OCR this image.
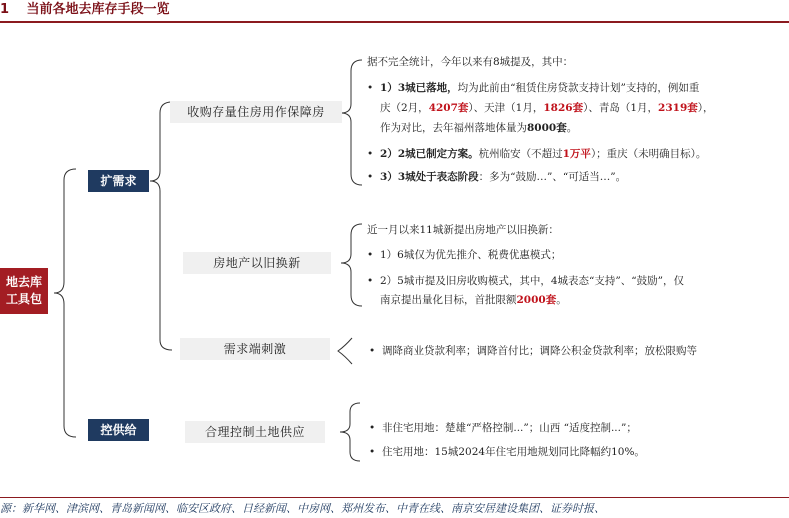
1 当前各地去库存手段一览
地去库
工具包
扩需求
控供给
收购存量住房用作保障房
房地产以旧换新
需求端刺激
合理控制土地供应
据不完全统计，今年以来有8城提及，其中：
• 1）3城已落地，均为此前由“租赁住房贷款支持计划”支持的，例如重
庆（2月，4207套）、天津（1月，1826套）、青岛（1月，2319套），
作为对比，去年福州落地体量为8000套。
• 2）2城已制定方案。杭州临安（不超过1万平）；重庆（未明确目标）。
• 3）3城处于表态阶段：多为“鼓励…”、“可适当…”。
近一月以来11城新提出房地产以旧换新：
• 1）6城仅为优先推介、税费优惠模式；
• 2）5城市提及旧房收购模式，其中，4城表态“支持”、“鼓励”，仅
南京提出量化目标，首批限额2000套。
• 调降商业贷款利率；调降首付比；调降公积金贷款利率；放松限购等
• 非住宅用地：楚雄“严格控制...”；山西 “适度控制...”；
• 住宅用地：15城2024年住宅用地规划同比降幅约10%。
源：新华网、津滨网、青岛新闻网、临安区政府、日经新闻、中房网、郑州发布、中青在线、南京安居建设集团、证券时报、
